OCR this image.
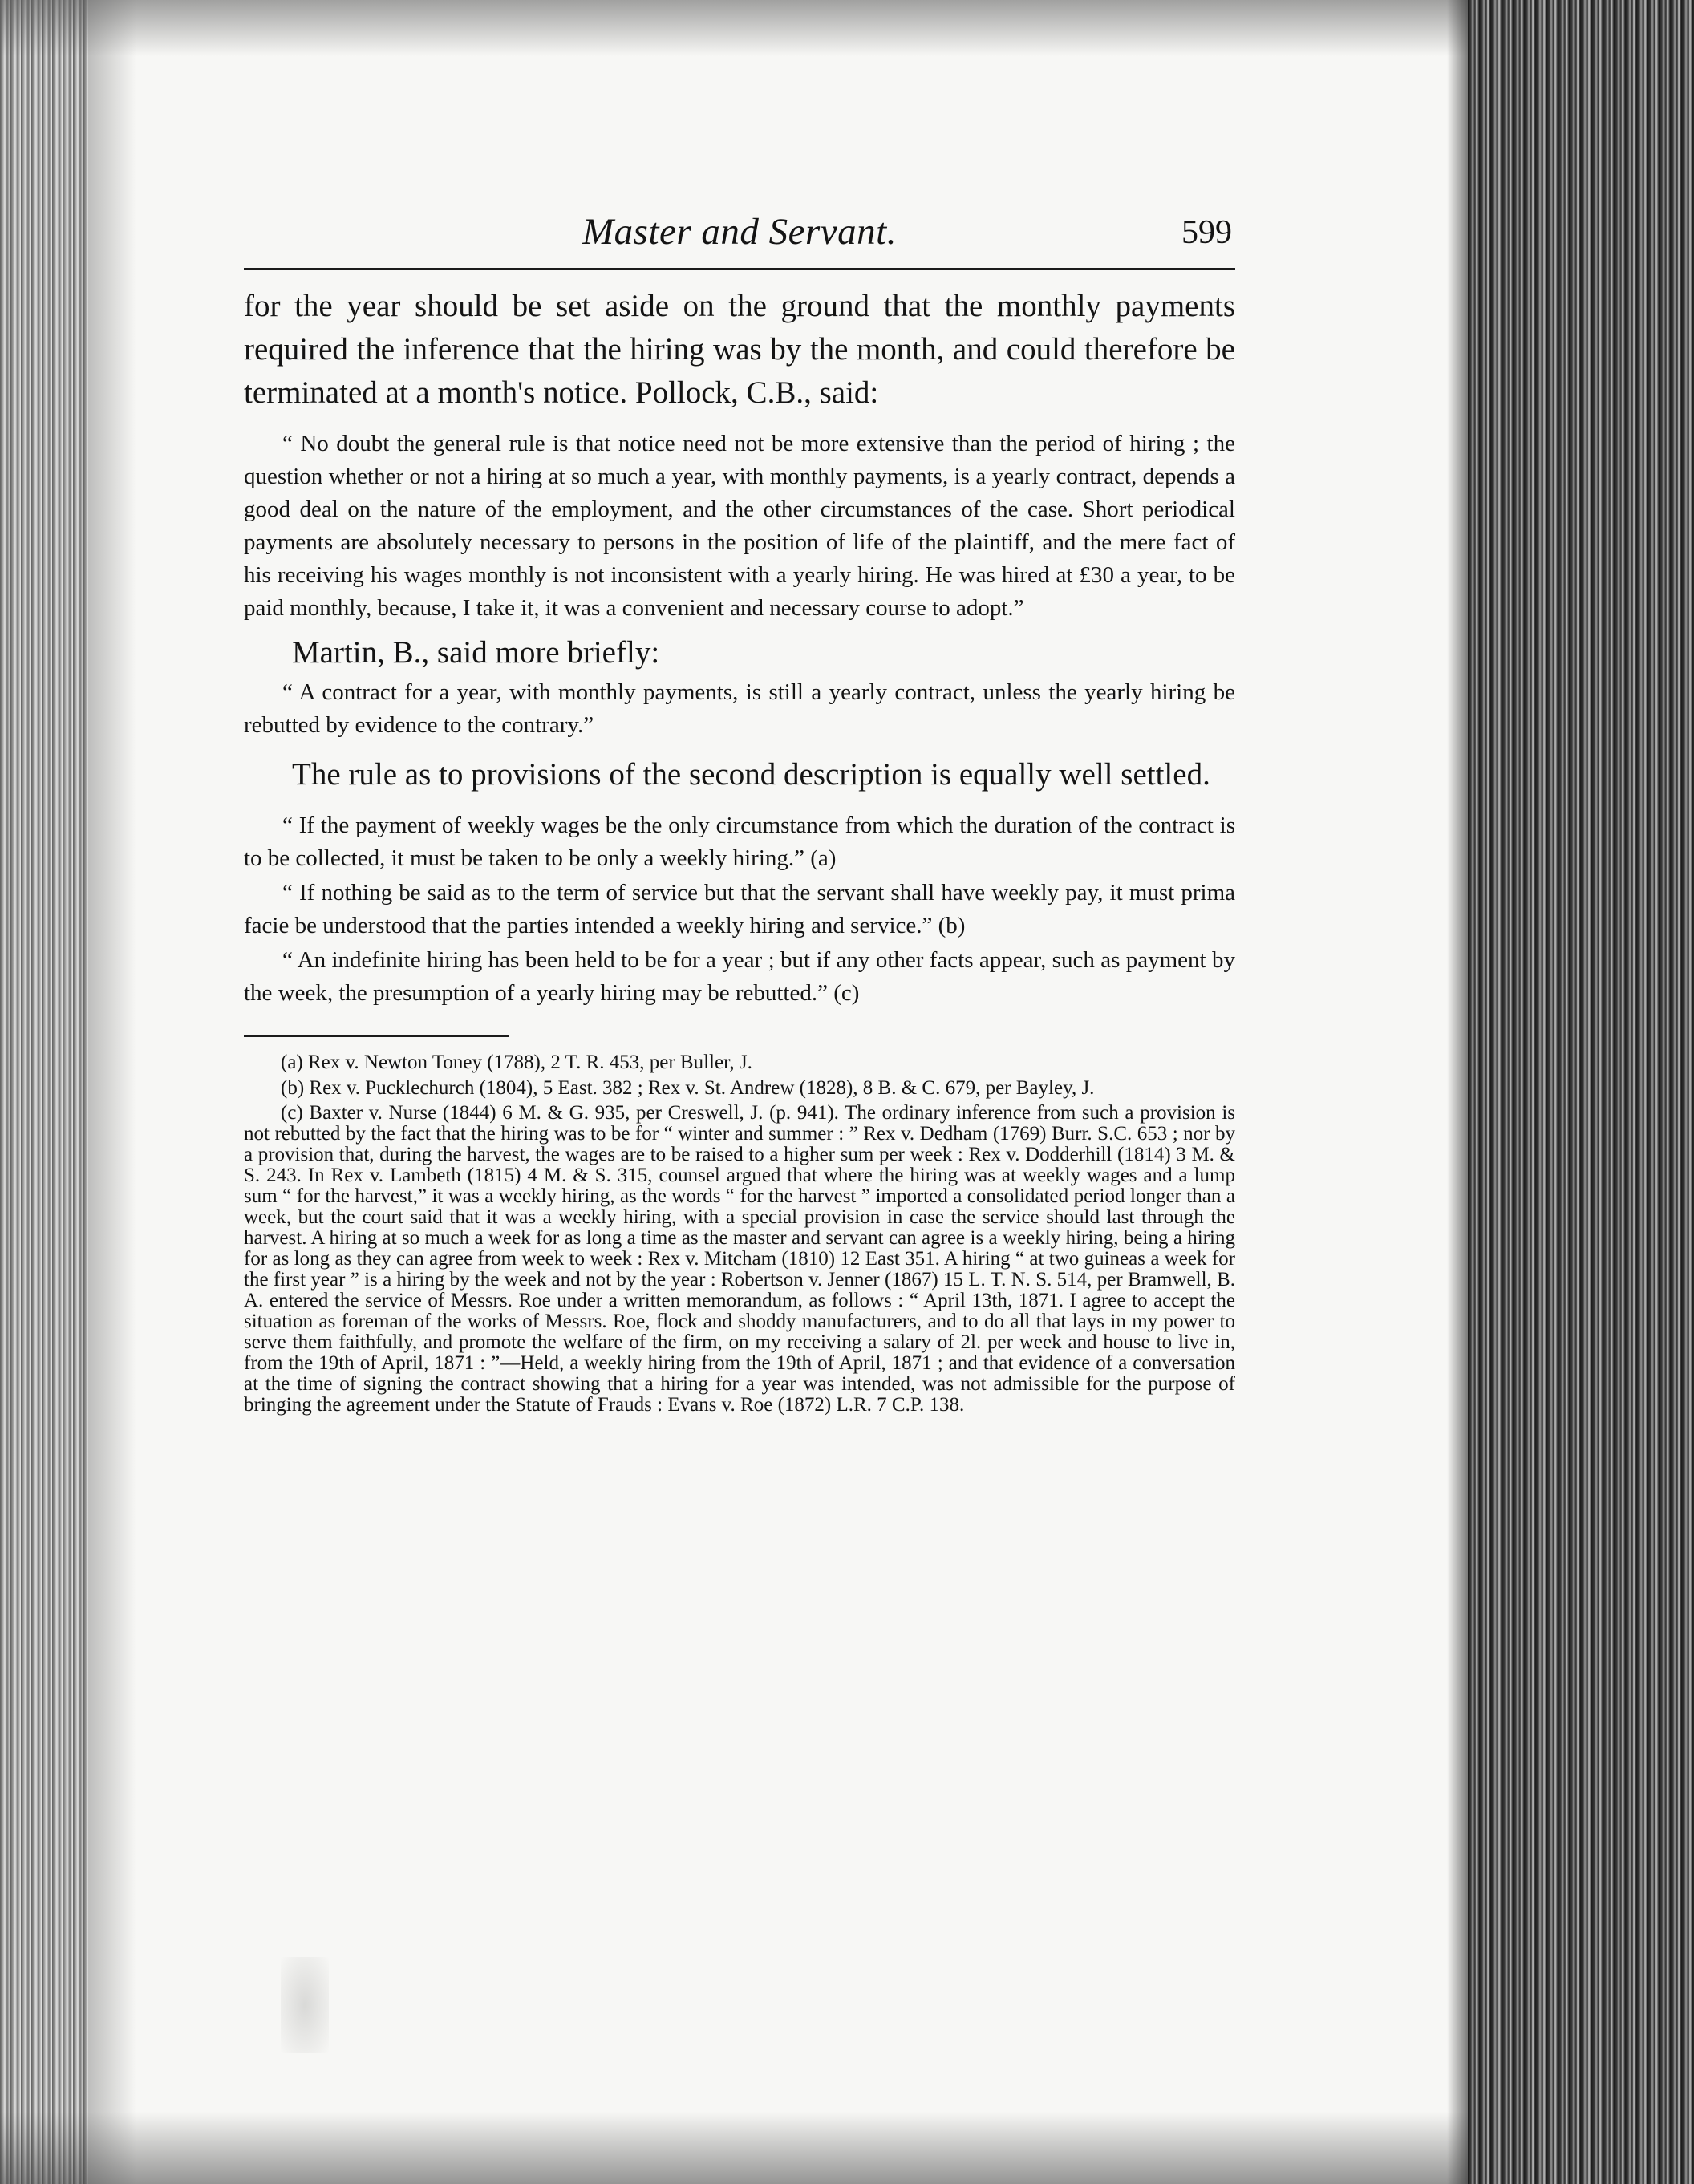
Master and Servant.	599

for the year should be set aside on the ground that the monthly payments required the inference that the hiring was by the month, and could therefore be terminated at a month's notice. Pollock, C.B., said:

“ No doubt the general rule is that notice need not be more extensive than the period of hiring ; the question whether or not a hiring at so much a year, with monthly payments, is a yearly contract, depends a good deal on the nature of the employment, and the other circumstances of the case. Short periodical payments are absolutely necessary to persons in the position of life of the plaintiff, and the mere fact of his receiving his wages monthly is not inconsistent with a yearly hiring. He was hired at £30 a year, to be paid monthly, because, I take it, it was a convenient and necessary course to adopt.”

Martin, B., said more briefly:

“ A contract for a year, with monthly payments, is still a yearly contract, unless the yearly hiring be rebutted by evidence to the contrary.”

The rule as to provisions of the second description is equally well settled.

“ If the payment of weekly wages be the only circumstance from which the duration of the contract is to be collected, it must be taken to be only a weekly hiring.” (a)

“ If nothing be said as to the term of service but that the servant shall have weekly pay, it must prima facie be understood that the parties intended a weekly hiring and service.” (b)

“ An indefinite hiring has been held to be for a year ; but if any other facts appear, such as payment by the week, the presumption of a yearly hiring may be rebutted.” (c)

(a) Rex v. Newton Toney (1788), 2 T. R. 453, per Buller, J.

(b) Rex v. Pucklechurch (1804), 5 East. 382 ; Rex v. St. Andrew (1828), 8 B. & C. 679, per Bayley, J.

(c) Baxter v. Nurse (1844) 6 M. & G. 935, per Creswell, J. (p. 941). The ordinary inference from such a provision is not rebutted by the fact that the hiring was to be for “ winter and summer : ” Rex v. Dedham (1769) Burr. S.C. 653 ; nor by a provision that, during the harvest, the wages are to be raised to a higher sum per week : Rex v. Dodderhill (1814) 3 M. & S. 243. In Rex v. Lambeth (1815) 4 M. & S. 315, counsel argued that where the hiring was at weekly wages and a lump sum “ for the harvest,” it was a weekly hiring, as the words “ for the harvest ” imported a consolidated period longer than a week, but the court said that it was a weekly hiring, with a special provision in case the service should last through the harvest. A hiring at so much a week for as long a time as the master and servant can agree is a weekly hiring, being a hiring for as long as they can agree from week to week : Rex v. Mitcham (1810) 12 East 351. A hiring “ at two guineas a week for the first year ” is a hiring by the week and not by the year : Robertson v. Jenner (1867) 15 L. T. N. S. 514, per Bramwell, B. A. entered the service of Messrs. Roe under a written memorandum, as follows : “ April 13th, 1871. I agree to accept the situation as foreman of the works of Messrs. Roe, flock and shoddy manufacturers, and to do all that lays in my power to serve them faithfully, and promote the welfare of the firm, on my receiving a salary of 2l. per week and house to live in, from the 19th of April, 1871 : ”—Held, a weekly hiring from the 19th of April, 1871 ; and that evidence of a conversation at the time of signing the contract showing that a hiring for a year was intended, was not admissible for the purpose of bringing the agreement under the Statute of Frauds : Evans v. Roe (1872) L.R. 7 C.P. 138.
